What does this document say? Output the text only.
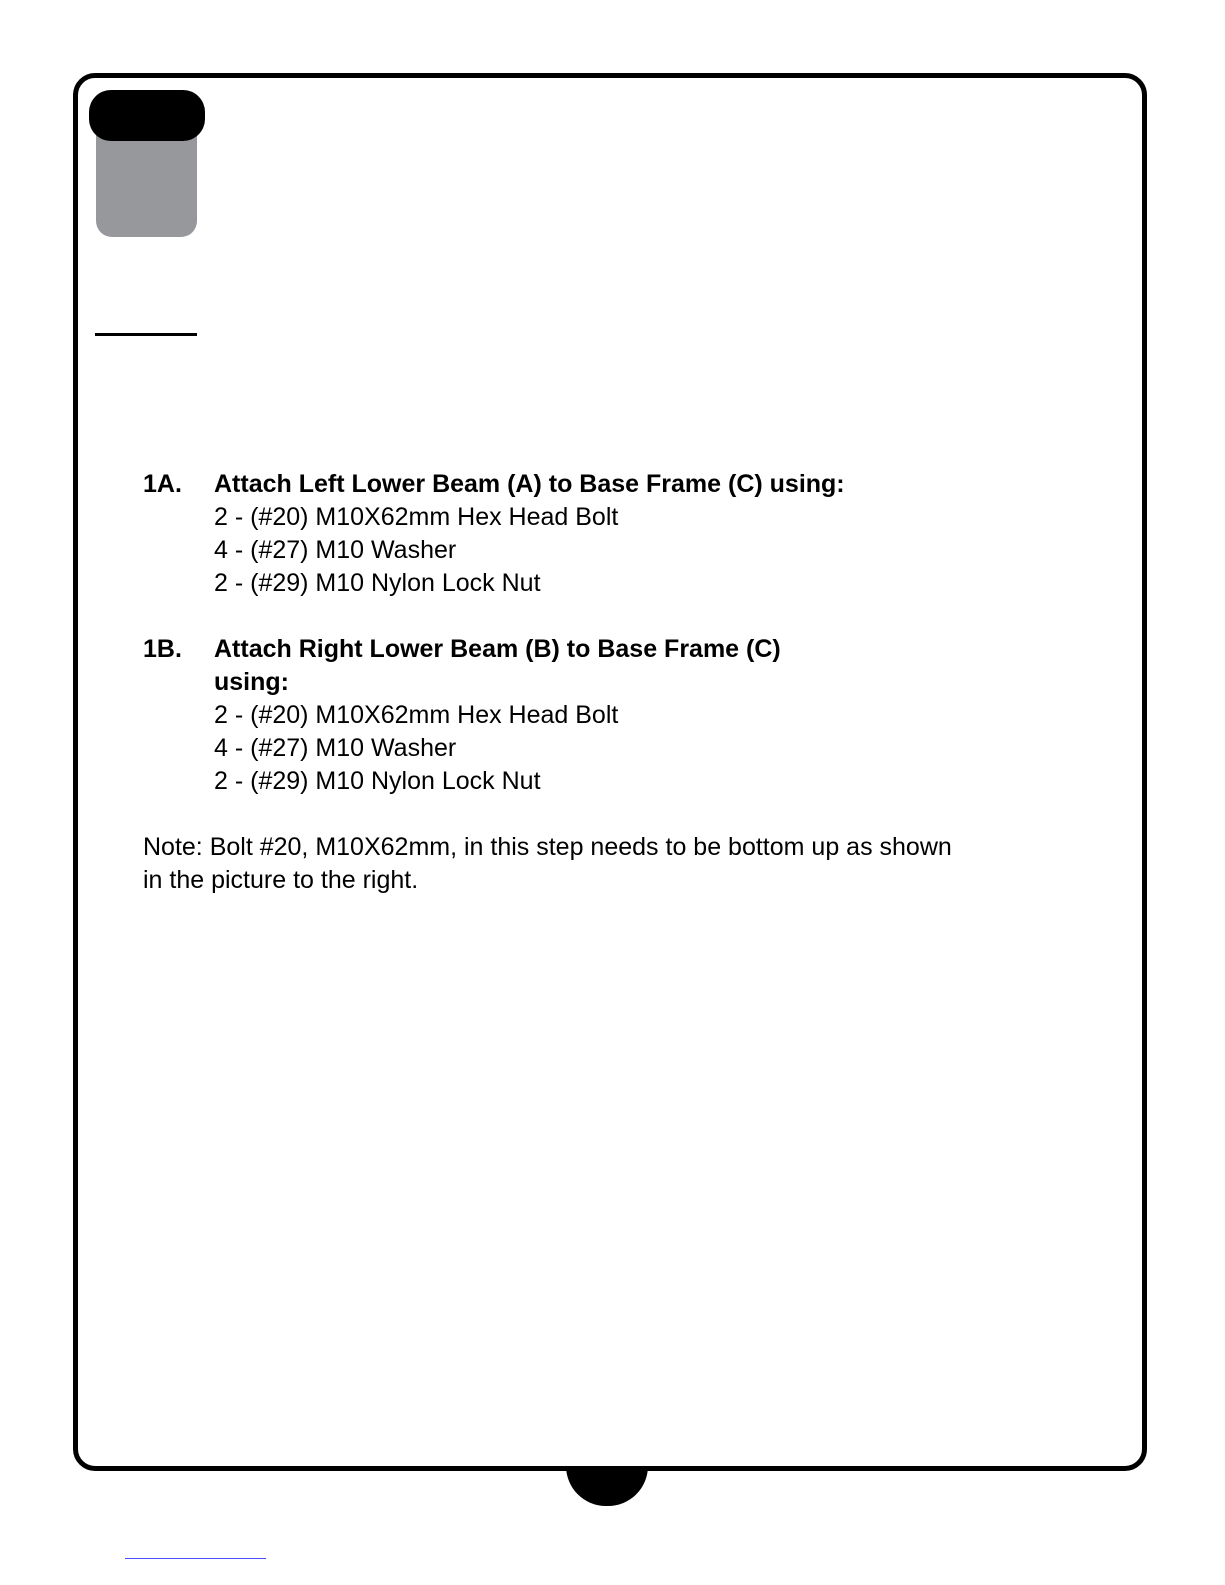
1A.	Attach Left Lower Beam (A) to Base Frame (C) using:
2 - (#20) M10X62mm Hex Head Bolt
4 - (#27) M10 Washer
2 - (#29) M10 Nylon Lock Nut
1B.	Attach Right Lower Beam (B) to Base Frame (C) using:
2 - (#20) M10X62mm Hex Head Bolt
4 - (#27) M10 Washer
2 - (#29) M10 Nylon Lock Nut
Note: Bolt #20, M10X62mm, in this step needs to be bottom up as shown in the picture to the right.
